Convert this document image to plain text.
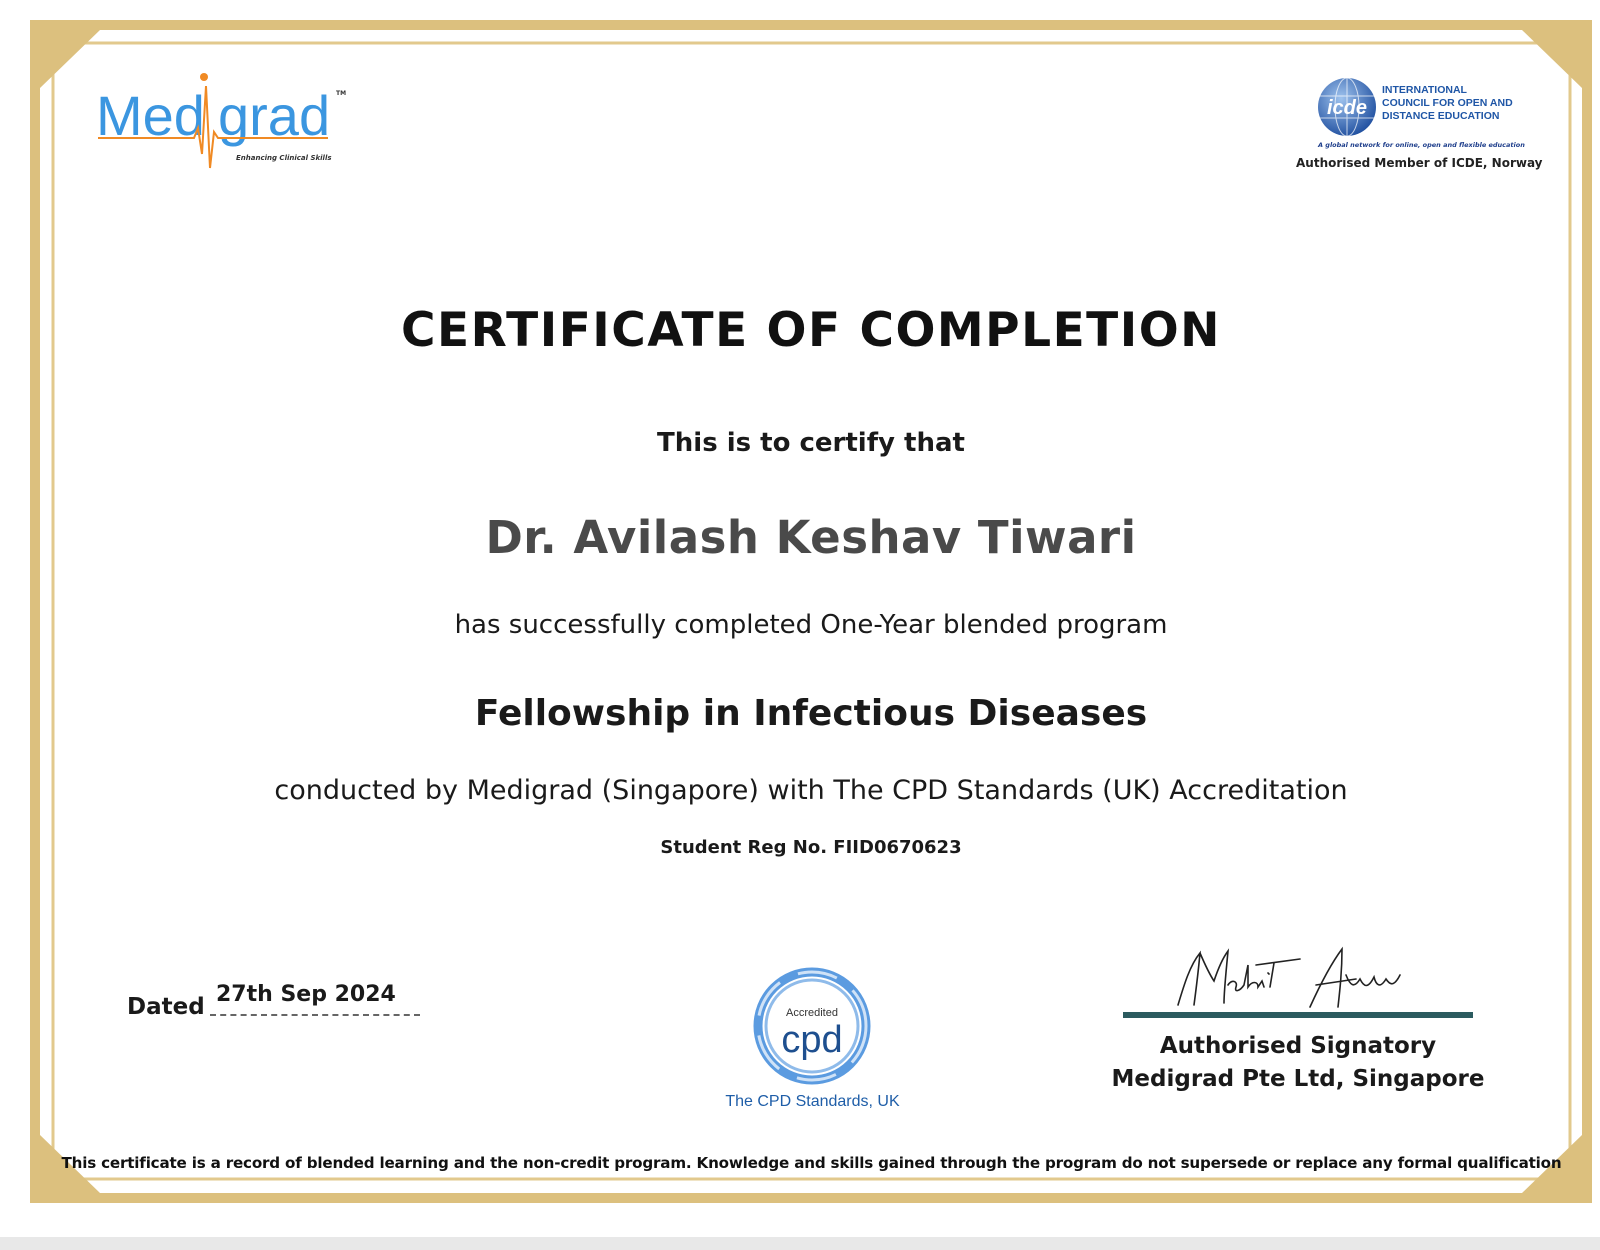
Med grad TM
Enhancing Clinical Skills
icde
INTERNATIONAL
COUNCIL FOR OPEN AND
DISTANCE EDUCATION
A global network for online, open and flexible education
Authorised Member of ICDE, Norway
CERTIFICATE OF COMPLETION
This is to certify that
Dr. Avilash Keshav Tiwari
has successfully completed One-Year blended program
Fellowship in Infectious Diseases
conducted by Medigrad (Singapore) with The CPD Standards (UK) Accreditation
Student Reg No. FIID0670623
Dated 27th Sep 2024
Accredited
cpd
The CPD Standards, UK
Authorised Signatory
Medigrad Pte Ltd, Singapore
This certificate is a record of blended learning and the non-credit program. Knowledge and skills gained through the program do not supersede or replace any formal qualification
